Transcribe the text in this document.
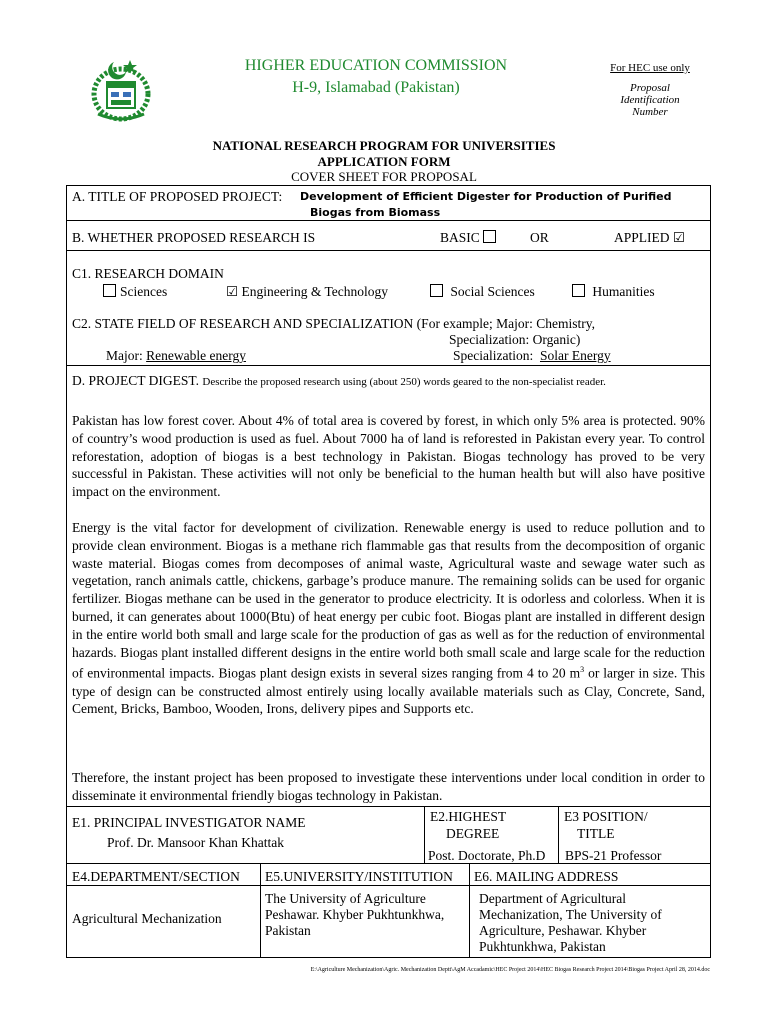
HIGHER EDUCATION COMMISSION
H-9, Islamabad (Pakistan)
For HEC use only
Proposal
Identification
Number
NATIONAL RESEARCH PROGRAM FOR UNIVERSITIES
APPLICATION FORM
COVER SHEET FOR PROPOSAL
A. TITLE OF PROPOSED PROJECT: Development of Efficient Digester for Production of Purified
Biogas from Biomass
B. WHETHER PROPOSED RESEARCH IS	BASIC	OR	APPLIED ☑
C1. RESEARCH DOMAIN
Sciences	☑ Engineering & Technology	Social Sciences	Humanities
C2. STATE FIELD OF RESEARCH AND SPECIALIZATION (For example; Major: Chemistry,
Specialization: Organic)
Major: Renewable energy	Specialization: Solar Energy
D. PROJECT DIGEST. Describe the proposed research using (about 250) words geared to the non-specialist reader.
Pakistan has low forest cover. About 4% of total area is covered by forest, in which only 5% area is protected. 90% of country’s wood production is used as fuel. About 7000 ha of land is reforested in Pakistan every year. To control reforestation, adoption of biogas is a best technology in Pakistan. Biogas technology has proved to be very successful in Pakistan. These activities will not only be beneficial to the human health but will also have positive impact on the environment.
Energy is the vital factor for development of civilization. Renewable energy is used to reduce pollution and to provide clean environment. Biogas is a methane rich flammable gas that results from the decomposition of organic waste material. Biogas comes from decomposes of animal waste, Agricultural waste and sewage water such as vegetation, ranch animals cattle, chickens, garbage’s produce manure. The remaining solids can be used for organic fertilizer. Biogas methane can be used in the generator to produce electricity. It is odorless and colorless. When it is burned, it can generates about 1000(Btu) of heat energy per cubic foot. Biogas plant are installed in different design in the entire world both small and large scale for the production of gas as well as for the reduction of environmental hazards. Biogas plant installed different designs in the entire world both small scale and large scale for the reduction of environmental impacts. Biogas plant design exists in several sizes ranging from 4 to 20 $m^3$ or larger in size. This type of design can be constructed almost entirely using locally available materials such as Clay, Concrete, Sand, Cement, Bricks, Bamboo, Wooden, Irons, delivery pipes and Supports etc.
Therefore, the instant project has been proposed to investigate these interventions under local condition in order to disseminate it environmental friendly biogas technology in Pakistan.
E1. PRINCIPAL INVESTIGATOR NAME
Prof. Dr. Mansoor Khan Khattak
E2.HIGHEST
DEGREE
Post. Doctorate, Ph.D
E3 POSITION/
TITLE
BPS-21 Professor
E4.DEPARTMENT/SECTION
Agricultural Mechanization
E5.UNIVERSITY/INSTITUTION
The University of Agriculture
Peshawar. Khyber Pukhtunkhwa,
Pakistan
E6. MAILING ADDRESS
Department of Agricultural
Mechanization, The University of
Agriculture, Peshawar. Khyber
Pukhtunkhwa, Pakistan
E:\Agriculture Mechanization\Agric. Mechanization Deptt\AgM Accadamic\HEC Project 2014\HEC Biogas Research Project 2014\Biogas Project April 28, 2014.doc
